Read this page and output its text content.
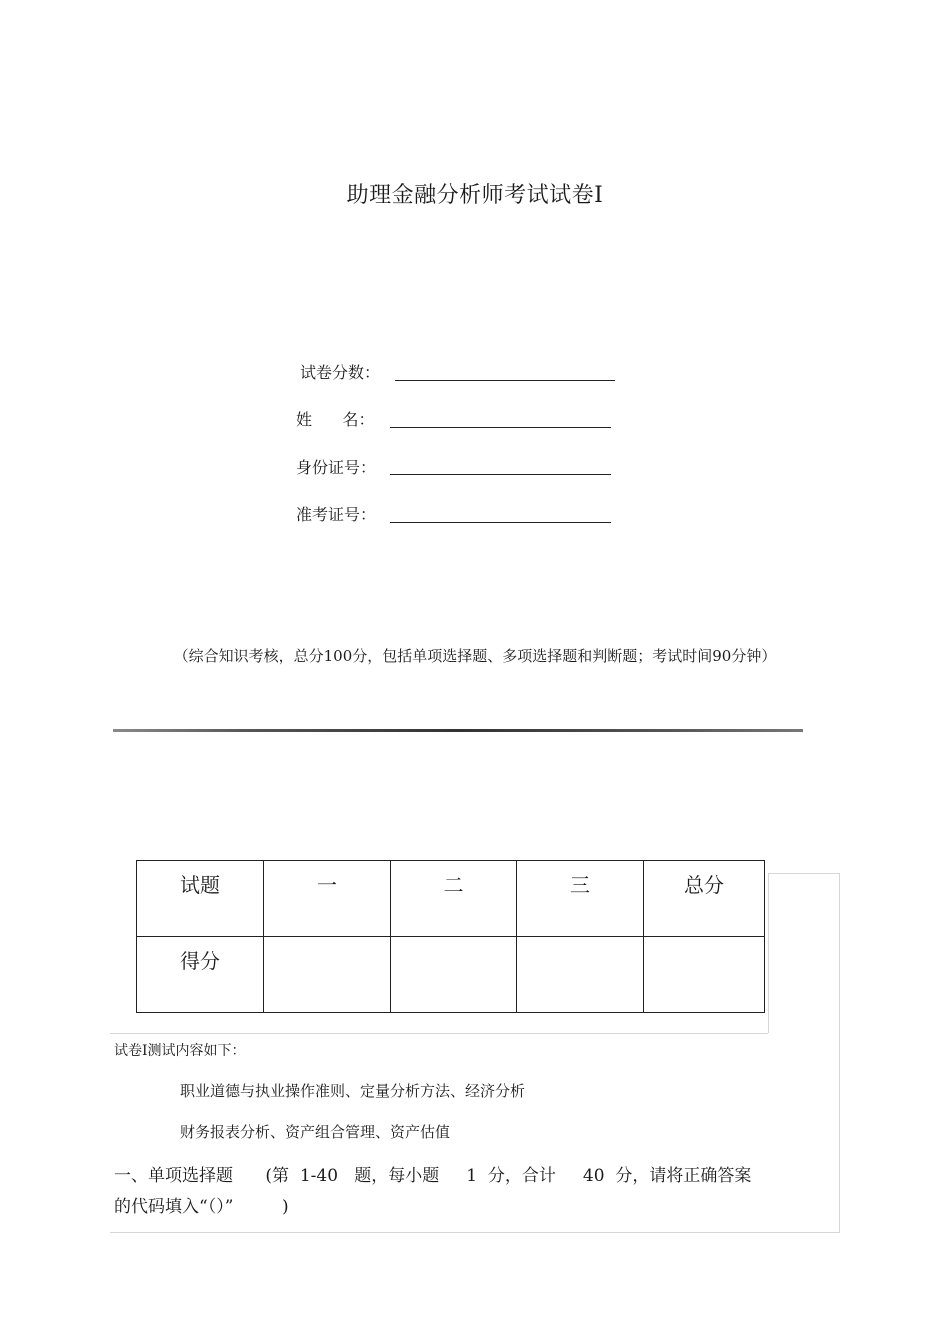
助理金融分析师考试试卷Ⅰ
试卷分数：
姓      名：
身份证号：
准考证号：
（综合知识考核，总分100分，包括单项选择题、多项选择题和判断题；考试时间90分钟）
试题	一	二	三	总分
得分				
试卷Ⅰ测试内容如下：
职业道德与执业操作准则、定量分析方法、经济分析
财务报表分析、资产组合管理、资产估值
一、单项选择题      (第  1-40   题，每小题     1  分，合计     40  分，请将正确答案
的代码填入“（）”         )
